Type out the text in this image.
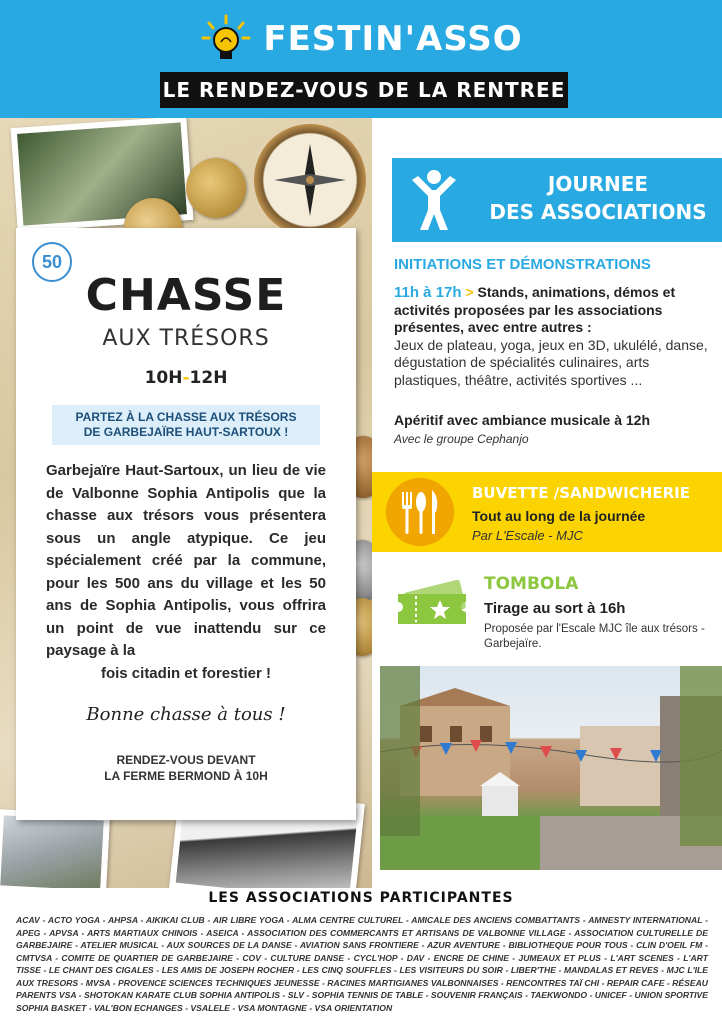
FESTIN'ASSO
LE RENDEZ-VOUS DE LA RENTREE
50
CHASSE
AUX TRÉSORS
10H-12H
PARTEZ À LA CHASSE AUX TRÉSORS
DE GARBEJAÏRE HAUT-SARTOUX !
Garbejaïre Haut-Sartoux, un lieu de vie de Valbonne Sophia Antipolis que la chasse aux trésors vous présentera sous un angle atypique. Ce jeu spécialement créé par la commune, pour les 500 ans du village et les 50 ans de Sophia Antipolis, vous offrira un point de vue inattendu sur ce paysage à la
fois citadin et forestier !
Bonne chasse à tous !
RENDEZ-VOUS DEVANT
LA FERME BERMOND À 10H
JOURNEE
DES ASSOCIATIONS
INITIATIONS ET DÉMONSTRATIONS
11h à 17h > Stands, animations, démos et activités proposées par les associations présentes, avec entre autres :
Jeux de plateau, yoga, jeux en 3D, ukulélé, danse, dégustation de spécialités culinaires, arts plastiques, théâtre, activités sportives ...
Apéritif avec ambiance musicale à 12h
Avec le groupe Cephanjo
BUVETTE /SANDWICHERIE
Tout au long de la journée
Par L'Escale - MJC
TOMBOLA
Tirage au sort à 16h
Proposée par l'Escale MJC île aux trésors - Garbejaïre.
LES ASSOCIATIONS PARTICIPANTES

ACAV - ACTO YOGA - AHPSA - AIKIKAI CLUB - AIR LIBRE YOGA - ALMA CENTRE CULTUREL - AMICALE DES ANCIENS COMBATTANTS - AMNESTY INTERNATIONAL - APEG - APVSA - ARTS MARTIAUX CHINOIS - ASEICA - ASSOCIATION DES COMMERCANTS ET ARTISANS DE VALBONNE VILLAGE - ASSOCIATION CULTURELLE DE GARBEJAIRE - ATELIER MUSICAL - AUX SOURCES DE LA DANSE - AVIATION SANS FRONTIERE - AZUR AVENTURE - BIBLIOTHEQUE POUR TOUS - CLIN D'OEIL FM - CMTVSA - COMITE DE QUARTIER DE GARBEJAIRE - COV - CULTURE DANSE - CYCL'HOP - DAV - ENCRE DE CHINE - JUMEAUX ET PLUS - L'ART SCENES - L'ART TISSE - LE CHANT DES CIGALES - LES AMIS DE JOSEPH ROCHER - LES CINQ SOUFFLES - LES VISITEURS DU SOIR - LIBER'THE - MANDALAS ET REVES - MJC L'ILE AUX TRESORS - MVSA - PROVENCE SCIENCES TECHNIQUES JEUNESSE - RACINES MARTIGIANES VALBONNAISES - RENCONTRES TAÏ CHI - REPAIR CAFE - RÉSEAU PARENTS VSA - SHOTOKAN KARATE CLUB SOPHIA ANTIPOLIS - SLV - SOPHIA TENNIS DE TABLE - SOUVENIR FRANÇAIS - TAEKWONDO - UNICEF - UNION SPORTIVE SOPHIA BASKET - VAL'BON ECHANGES - VSALELE - VSA MONTAGNE - VSA ORIENTATION
